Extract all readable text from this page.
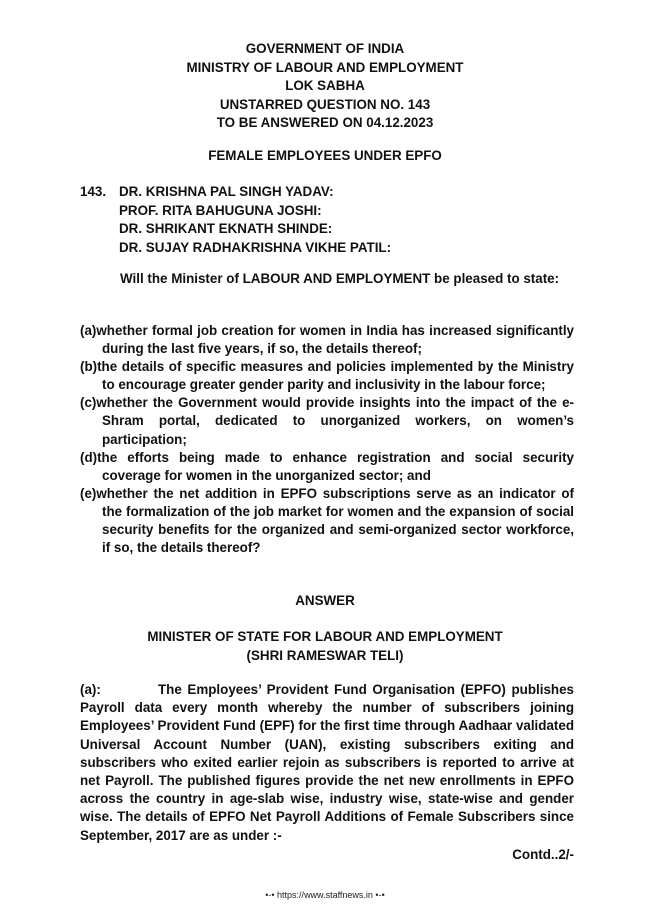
GOVERNMENT OF INDIA
MINISTRY OF LABOUR AND EMPLOYMENT
LOK SABHA
UNSTARRED QUESTION NO. 143
TO BE ANSWERED ON 04.12.2023
FEMALE EMPLOYEES UNDER EPFO
143. DR. KRISHNA PAL SINGH YADAV:
PROF. RITA BAHUGUNA JOSHI:
DR. SHRIKANT EKNATH SHINDE:
DR. SUJAY RADHAKRISHNA VIKHE PATIL:
Will the Minister of LABOUR AND EMPLOYMENT be pleased to state:
(a)whether formal job creation for women in India has increased significantly during the last five years, if so, the details thereof;
(b)the details of specific measures and policies implemented by the Ministry to encourage greater gender parity and inclusivity in the labour force;
(c)whether the Government would provide insights into the impact of the e-Shram portal, dedicated to unorganized workers, on women’s participation;
(d)the efforts being made to enhance registration and social security coverage for women in the unorganized sector; and
(e)whether the net addition in EPFO subscriptions serve as an indicator of the formalization of the job market for women and the expansion of social security benefits for the organized and semi-organized sector workforce, if so, the details thereof?
ANSWER
MINISTER OF STATE FOR LABOUR AND EMPLOYMENT
(SHRI RAMESWAR TELI)
(a):	The Employees’ Provident Fund Organisation (EPFO) publishes Payroll data every month whereby the number of subscribers joining Employees’ Provident Fund (EPF) for the first time through Aadhaar validated Universal Account Number (UAN), existing subscribers exiting and subscribers who exited earlier rejoin as subscribers is reported to arrive at net Payroll. The published figures provide the net new enrollments in EPFO across the country in age-slab wise, industry wise, state-wise and gender wise. The details of EPFO Net Payroll Additions of Female Subscribers since September, 2017 are as under :-
Contd..2/-
•-• https://www.staffnews.in •-•
